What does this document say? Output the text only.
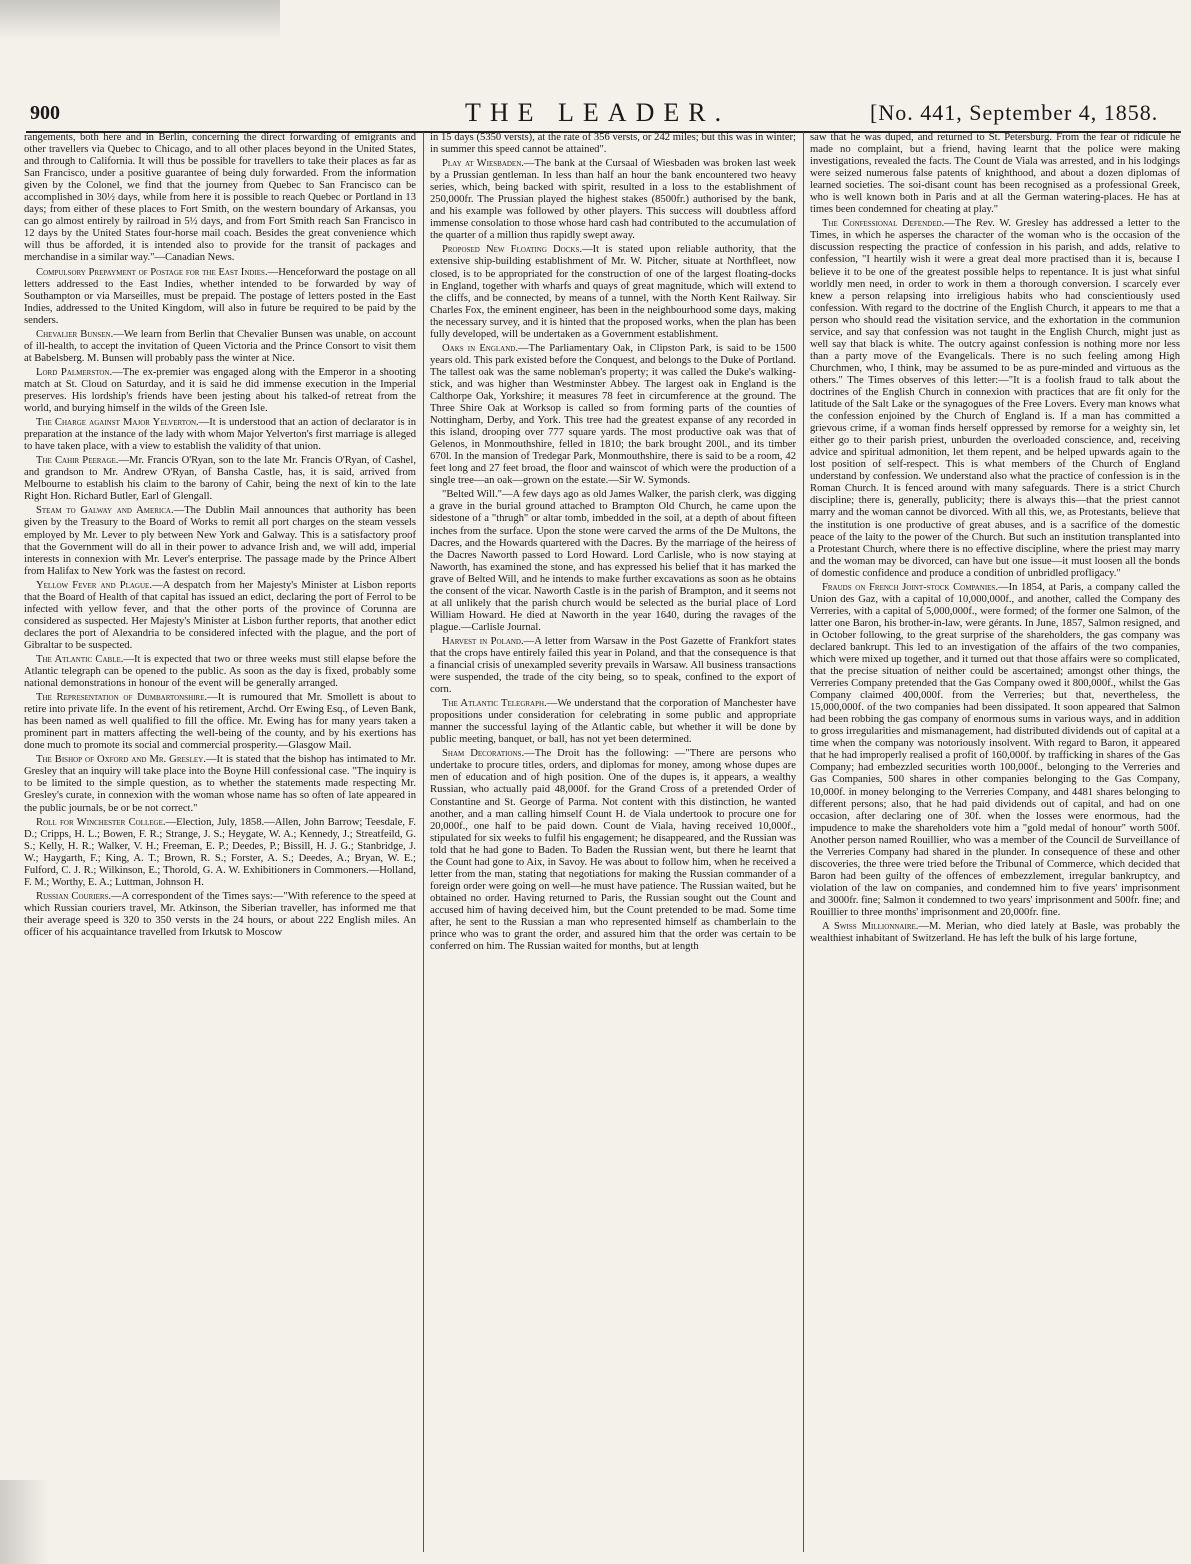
900	THE LEADER.	[No. 441, September 4, 1858.

rangements, both here and in Berlin, concerning the direct forwarding of emigrants and other travellers via Quebec to Chicago, and to all other places beyond in the United States, and through to California. It will thus be possible for travellers to take their places as far as San Francisco, under a positive guarantee of being duly forwarded. From the information given by the Colonel, we find that the journey from Quebec to San Francisco can be accomplished in 30½ days, while from here it is possible to reach Quebec or Portland in 13 days; from either of these places to Fort Smith, on the western boundary of Arkansas, you can go almost entirely by railroad in 5½ days, and from Fort Smith reach San Francisco in 12 days by the United States four-horse mail coach. Besides the great convenience which will thus be afforded, it is intended also to provide for the transit of packages and merchandise in a similar way."—Canadian News.

Compulsory Prepayment of Postage for the East Indies.—Henceforward the postage on all letters addressed to the East Indies, whether intended to be forwarded by way of Southampton or via Marseilles, must be prepaid. The postage of letters posted in the East Indies, addressed to the United Kingdom, will also in future be required to be paid by the senders.

Chevalier Bunsen.—We learn from Berlin that Chevalier Bunsen was unable, on account of ill-health, to accept the invitation of Queen Victoria and the Prince Consort to visit them at Babelsberg. M. Bunsen will probably pass the winter at Nice.

Lord Palmerston.—The ex-premier was engaged along with the Emperor in a shooting match at St. Cloud on Saturday, and it is said he did immense execution in the Imperial preserves. His lordship's friends have been jesting about his talked-of retreat from the world, and burying himself in the wilds of the Green Isle.

The Charge against Major Yelverton.—It is understood that an action of declarator is in preparation at the instance of the lady with whom Major Yelverton's first marriage is alleged to have taken place, with a view to establish the validity of that union.

The Cahir Peerage.—Mr. Francis O'Ryan, son to the late Mr. Francis O'Ryan, of Cashel, and grandson to Mr. Andrew O'Ryan, of Bansha Castle, has, it is said, arrived from Melbourne to establish his claim to the barony of Cahir, being the next of kin to the late Right Hon. Richard Butler, Earl of Glengall.

Steam to Galway and America.—The Dublin Mail announces that authority has been given by the Treasury to the Board of Works to remit all port charges on the steam vessels employed by Mr. Lever to ply between New York and Galway. This is a satisfactory proof that the Government will do all in their power to advance Irish and, we will add, imperial interests in connexion with Mr. Lever's enterprise. The passage made by the Prince Albert from Halifax to New York was the fastest on record.

Yellow Fever and Plague.—A despatch from her Majesty's Minister at Lisbon reports that the Board of Health of that capital has issued an edict, declaring the port of Ferrol to be infected with yellow fever, and that the other ports of the province of Corunna are considered as suspected. Her Majesty's Minister at Lisbon further reports, that another edict declares the port of Alexandria to be considered infected with the plague, and the port of Gibraltar to be suspected.

The Atlantic Cable.—It is expected that two or three weeks must still elapse before the Atlantic telegraph can be opened to the public. As soon as the day is fixed, probably some national demonstrations in honour of the event will be generally arranged.

The Representation of Dumbartonshire.—It is rumoured that Mr. Smollett is about to retire into private life. In the event of his retirement, Archd. Orr Ewing Esq., of Leven Bank, has been named as well qualified to fill the office. Mr. Ewing has for many years taken a prominent part in matters affecting the well-being of the county, and by his exertions has done much to promote its social and commercial prosperity.—Glasgow Mail.

The Bishop of Oxford and Mr. Gresley.—It is stated that the bishop has intimated to Mr. Gresley that an inquiry will take place into the Boyne Hill confessional case. "The inquiry is to be limited to the simple question, as to whether the statements made respecting Mr. Gresley's curate, in connexion with the woman whose name has so often of late appeared in the public journals, be or be not correct."

Roll for Winchester College.—Election, July, 1858.—Allen, John Barrow; Teesdale, F. D.; Cripps, H. L.; Bowen, F. R.; Strange, J. S.; Heygate, W. A.; Kennedy, J.; Streatfeild, G. S.; Kelly, H. R.; Walker, V. H.; Freeman, E. P.; Deedes, P.; Bissill, H. J. G.; Stanbridge, J. W.; Haygarth, F.; King, A. T.; Brown, R. S.; Forster, A. S.; Deedes, A.; Bryan, W. E.; Fulford, C. J. R.; Wilkinson, E.; Thorold, G. A. W. Exhibitioners in Commoners.—Holland, F. M.; Worthy, E. A.; Luttman, Johnson H.

Russian Couriers.—A correspondent of the Times says:—"With reference to the speed at which Russian couriers travel, Mr. Atkinson, the Siberian traveller, has informed me that their average speed is 320 to 350 versts in the 24 hours, or about 222 English miles. An officer of his acquaintance travelled from Irkutsk to Moscow

in 15 days (5350 versts), at the rate of 356 versts, or 242 miles; but this was in winter; in summer this speed cannot be attained".

Play at Wiesbaden.—The bank at the Cursaal of Wiesbaden was broken last week by a Prussian gentleman. In less than half an hour the bank encountered two heavy series, which, being backed with spirit, resulted in a loss to the establishment of 250,000fr. The Prussian played the highest stakes (8500fr.) authorised by the bank, and his example was followed by other players. This success will doubtless afford immense consolation to those whose hard cash had contributed to the accumulation of the quarter of a million thus rapidly swept away.

Proposed New Floating Docks.—It is stated upon reliable authority, that the extensive ship-building establishment of Mr. W. Pitcher, situate at Northfleet, now closed, is to be appropriated for the construction of one of the largest floating-docks in England, together with wharfs and quays of great magnitude, which will extend to the cliffs, and be connected, by means of a tunnel, with the North Kent Railway. Sir Charles Fox, the eminent engineer, has been in the neighbourhood some days, making the necessary survey, and it is hinted that the proposed works, when the plan has been fully developed, will be undertaken as a Government establishment.

Oaks in England.—The Parliamentary Oak, in Clipston Park, is said to be 1500 years old. This park existed before the Conquest, and belongs to the Duke of Portland. The tallest oak was the same nobleman's property; it was called the Duke's walking-stick, and was higher than Westminster Abbey. The largest oak in England is the Calthorpe Oak, Yorkshire; it measures 78 feet in circumference at the ground. The Three Shire Oak at Worksop is called so from forming parts of the counties of Nottingham, Derby, and York. This tree had the greatest expanse of any recorded in this island, drooping over 777 square yards. The most productive oak was that of Gelenos, in Monmouthshire, felled in 1810; the bark brought 200l., and its timber 670l. In the mansion of Tredegar Park, Monmouthshire, there is said to be a room, 42 feet long and 27 feet broad, the floor and wainscot of which were the production of a single tree—an oak—grown on the estate.—Sir W. Symonds.

"Belted Will."—A few days ago as old James Walker, the parish clerk, was digging a grave in the burial ground attached to Brampton Old Church, he came upon the sidestone of a "thrugh" or altar tomb, imbedded in the soil, at a depth of about fifteen inches from the surface. Upon the stone were carved the arms of the De Multons, the Dacres, and the Howards quartered with the Dacres. By the marriage of the heiress of the Dacres Naworth passed to Lord Howard. Lord Carlisle, who is now staying at Naworth, has examined the stone, and has expressed his belief that it has marked the grave of Belted Will, and he intends to make further excavations as soon as he obtains the consent of the vicar. Naworth Castle is in the parish of Brampton, and it seems not at all unlikely that the parish church would be selected as the burial place of Lord William Howard. He died at Naworth in the year 1640, during the ravages of the plague.—Carlisle Journal.

Harvest in Poland.—A letter from Warsaw in the Post Gazette of Frankfort states that the crops have entirely failed this year in Poland, and that the consequence is that a financial crisis of unexampled severity prevails in Warsaw. All business transactions were suspended, the trade of the city being, so to speak, confined to the export of corn.

The Atlantic Telegraph.—We understand that the corporation of Manchester have propositions under consideration for celebrating in some public and appropriate manner the successful laying of the Atlantic cable, but whether it will be done by public meeting, banquet, or ball, has not yet been determined.

Sham Decorations.—The Droit has the following: —"There are persons who undertake to procure titles, orders, and diplomas for money, among whose dupes are men of education and of high position. One of the dupes is, it appears, a wealthy Russian, who actually paid 48,000f. for the Grand Cross of a pretended Order of Constantine and St. George of Parma. Not content with this distinction, he wanted another, and a man calling himself Count H. de Viala undertook to procure one for 20,000f., one half to be paid down. Count de Viala, having received 10,000f., stipulated for six weeks to fulfil his engagement; he disappeared, and the Russian was told that he had gone to Baden. To Baden the Russian went, but there he learnt that the Count had gone to Aix, in Savoy. He was about to follow him, when he received a letter from the man, stating that negotiations for making the Russian commander of a foreign order were going on well—he must have patience. The Russian waited, but he obtained no order. Having returned to Paris, the Russian sought out the Count and accused him of having deceived him, but the Count pretended to be mad. Some time after, he sent to the Russian a man who represented himself as chamberlain to the prince who was to grant the order, and assured him that the order was certain to be conferred on him. The Russian waited for months, but at length

saw that he was duped, and returned to St. Petersburg. From the fear of ridicule he made no complaint, but a friend, having learnt that the police were making investigations, revealed the facts. The Count de Viala was arrested, and in his lodgings were seized numerous false patents of knighthood, and about a dozen diplomas of learned societies. The soi-disant count has been recognised as a professional Greek, who is well known both in Paris and at all the German watering-places. He has at times been condemned for cheating at play."

The Confessional Defended.—The Rev. W. Gresley has addressed a letter to the Times, in which he asperses the character of the woman who is the occasion of the discussion respecting the practice of confession in his parish, and adds, relative to confession, "I heartily wish it were a great deal more practised than it is, because I believe it to be one of the greatest possible helps to repentance. It is just what sinful worldly men need, in order to work in them a thorough conversion. I scarcely ever knew a person relapsing into irreligious habits who had conscientiously used confession. With regard to the doctrine of the English Church, it appears to me that a person who should read the visitation service, and the exhortation in the communion service, and say that confession was not taught in the English Church, might just as well say that black is white. The outcry against confession is nothing more nor less than a party move of the Evangelicals. There is no such feeling among High Churchmen, who, I think, may be assumed to be as pure-minded and virtuous as the others." The Times observes of this letter:—"It is a foolish fraud to talk about the doctrines of the English Church in connexion with practices that are fit only for the latitude of the Salt Lake or the synagogues of the Free Lovers. Every man knows what the confession enjoined by the Church of England is. If a man has committed a grievous crime, if a woman finds herself oppressed by remorse for a weighty sin, let either go to their parish priest, unburden the overloaded conscience, and, receiving advice and spiritual admonition, let them repent, and be helped upwards again to the lost position of self-respect. This is what members of the Church of England understand by confession. We understand also what the practice of confession is in the Roman Church. It is fenced around with many safeguards. There is a strict Church discipline; there is, generally, publicity; there is always this—that the priest cannot marry and the woman cannot be divorced. With all this, we, as Protestants, believe that the institution is one productive of great abuses, and is a sacrifice of the domestic peace of the laity to the power of the Church. But such an institution transplanted into a Protestant Church, where there is no effective discipline, where the priest may marry and the woman may be divorced, can have but one issue—it must loosen all the bonds of domestic confidence and produce a condition of unbridled profligacy."

Frauds on French Joint-stock Companies.—In 1854, at Paris, a company called the Union des Gaz, with a capital of 10,000,000f., and another, called the Company des Verreries, with a capital of 5,000,000f., were formed; of the former one Salmon, of the latter one Baron, his brother-in-law, were gérants. In June, 1857, Salmon resigned, and in October following, to the great surprise of the shareholders, the gas company was declared bankrupt. This led to an investigation of the affairs of the two companies, which were mixed up together, and it turned out that those affairs were so complicated, that the precise situation of neither could be ascertained; amongst other things, the Verreries Company pretended that the Gas Company owed it 800,000f., whilst the Gas Company claimed 400,000f. from the Verreries; but that, nevertheless, the 15,000,000f. of the two companies had been dissipated. It soon appeared that Salmon had been robbing the gas company of enormous sums in various ways, and in addition to gross irregularities and mismanagement, had distributed dividends out of capital at a time when the company was notoriously insolvent. With regard to Baron, it appeared that he had improperly realised a profit of 160,000f. by trafficking in shares of the Gas Company; had embezzled securities worth 100,000f., belonging to the Verreries and Gas Companies, 500 shares in other companies belonging to the Gas Company, 10,000f. in money belonging to the Verreries Company, and 4481 shares belonging to different persons; also, that he had paid dividends out of capital, and had on one occasion, after declaring one of 30f. when the losses were enormous, had the impudence to make the shareholders vote him a "gold medal of honour" worth 500f. Another person named Rouillier, who was a member of the Council de Surveillance of the Verreries Company had shared in the plunder. In consequence of these and other discoveries, the three were tried before the Tribunal of Commerce, which decided that Baron had been guilty of the offences of embezzlement, irregular bankruptcy, and violation of the law on companies, and condemned him to five years' imprisonment and 3000fr. fine; Salmon it condemned to two years' imprisonment and 500fr. fine; and Rouillier to three months' imprisonment and 20,000fr. fine.

A Swiss Millionnaire.—M. Merian, who died lately at Basle, was probably the wealthiest inhabitant of Switzerland. He has left the bulk of his large fortune,
